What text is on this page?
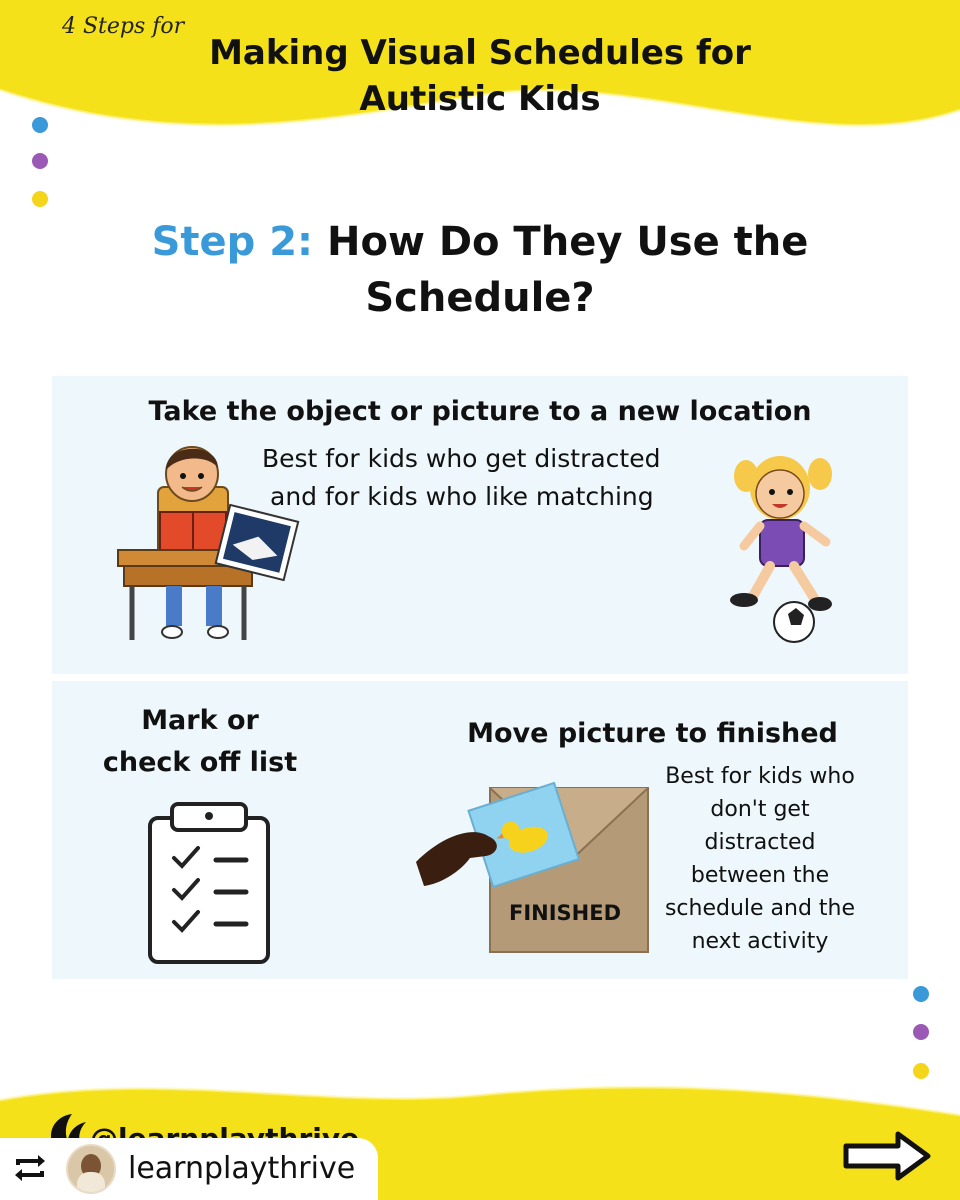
4 Steps for
Making Visual Schedules for
Autistic Kids
Step 2: How Do They Use the
Schedule?
Take the object or picture to a new location
Best for kids who get distracted
and for kids who like matching
Mark or
check off list
Move picture to finished
FINISHED
Best for kids who
don't get
distracted
between the
schedule and the
next activity
learnplaythrive
